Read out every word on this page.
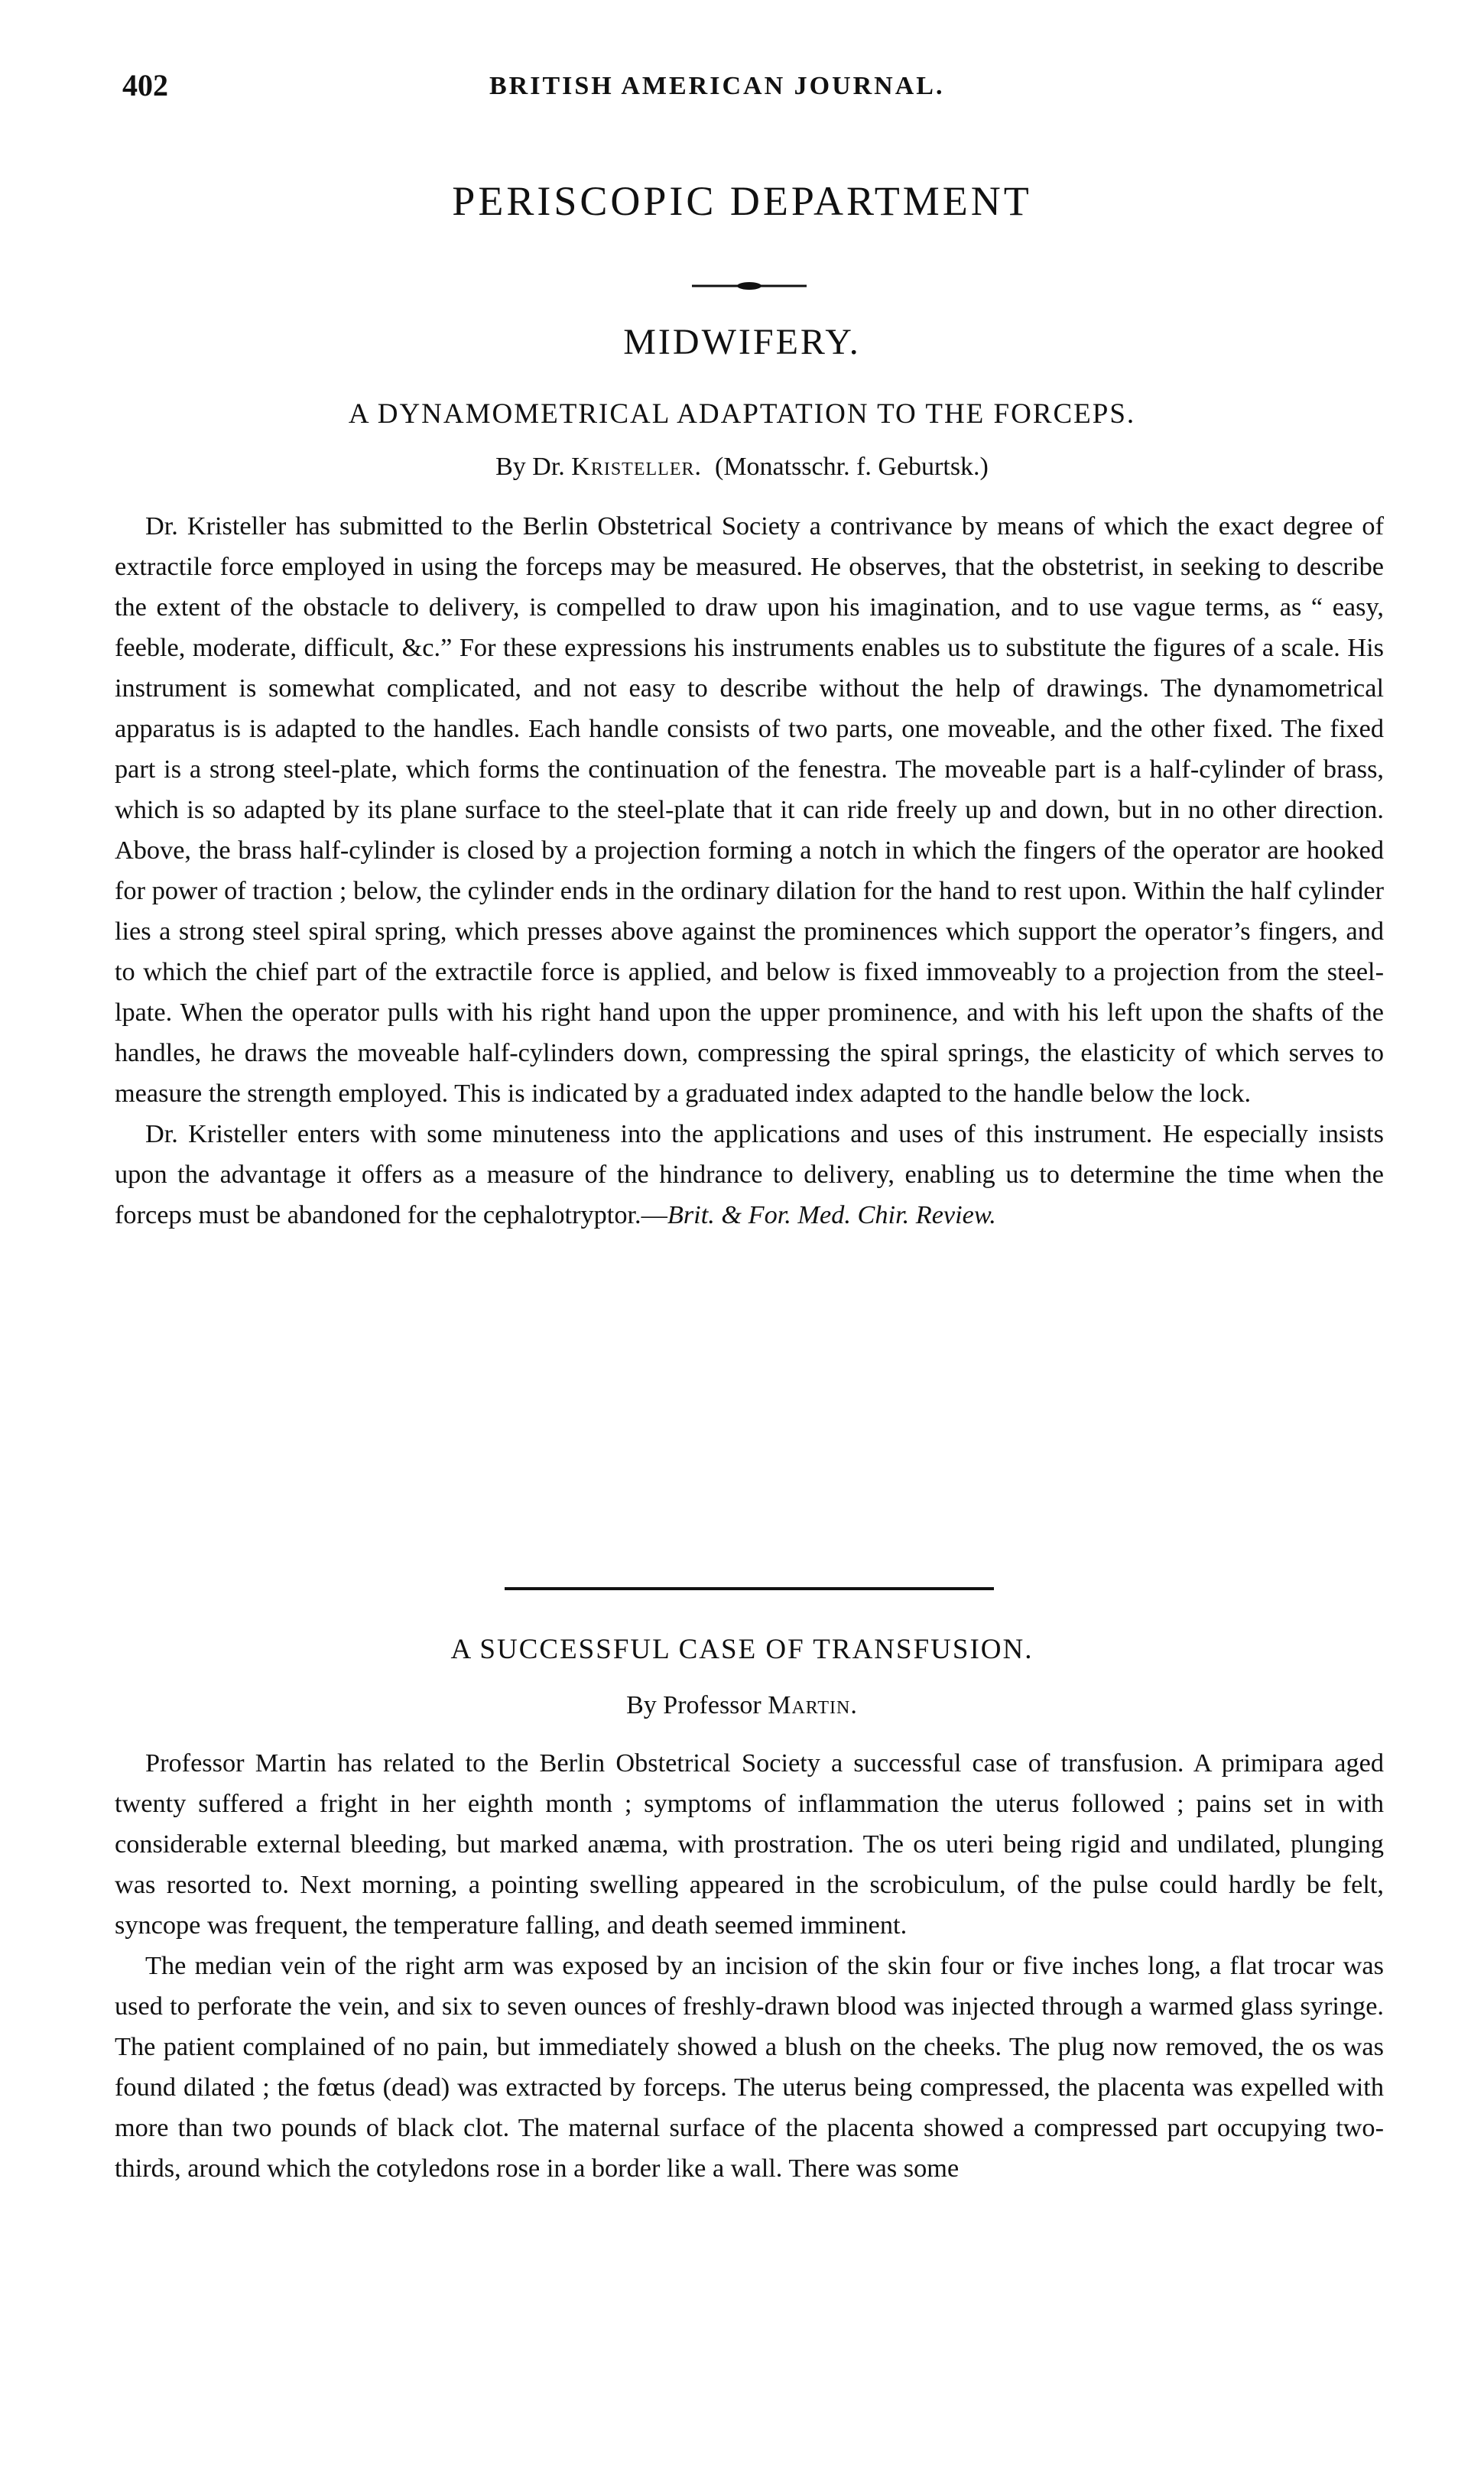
402	BRITISH AMERICAN JOURNAL.
PERISCOPIC DEPARTMENT
MIDWIFERY.
A DYNAMOMETRICAL ADAPTATION TO THE FORCEPS.
By Dr. Kristeller.  (Monatsschr. f. Geburtsk.)

Dr. Kristeller has submitted to the Berlin Obstetrical Society a contrivance by means of which the exact degree of extractile force employed in using the forceps may be measured. He observes, that the obstetrist, in seeking to describe the extent of the obstacle to delivery, is compelled to draw upon his imagination, and to use vague terms, as “ easy, feeble, moderate, difficult, &c.” For these expressions his instruments enables us to substitute the figures of a scale. His instrument is somewhat complicated, and not easy to describe without the help of drawings. The dynamometrical apparatus is is adapted to the handles. Each handle consists of two parts, one moveable, and the other fixed. The fixed part is a strong steel-plate, which forms the continuation of the fenestra. The moveable part is a half-cylinder of brass, which is so adapted by its plane surface to the steel-plate that it can ride freely up and down, but in no other direction. Above, the brass half-cylinder is closed by a projection forming a notch in which the fingers of the operator are hooked for power of traction ; below, the cylinder ends in the ordinary dilation for the hand to rest upon. Within the half cylinder lies a strong steel spiral spring, which presses above against the prominences which support the operator’s fingers, and to which the chief part of the extractile force is applied, and below is fixed immoveably to a projection from the steel-lpate. When the operator pulls with his right hand upon the upper prominence, and with his left upon the shafts of the handles, he draws the moveable half-cylinders down, compressing the spiral springs, the elasticity of which serves to measure the strength employed. This is indicated by a graduated index adapted to the handle below the lock.

Dr. Kristeller enters with some minuteness into the applications and uses of this instrument. He especially insists upon the advantage it offers as a measure of the hindrance to delivery, enabling us to determine the time when the forceps must be abandoned for the cephalotryptor.—Brit. & For. Med. Chir. Review.

A SUCCESSFUL CASE OF TRANSFUSION.
By Professor Martin.

Professor Martin has related to the Berlin Obstetrical Society a successful case of transfusion. A primipara aged twenty suffered a fright in her eighth month ; symptoms of inflammation the uterus followed ; pains set in with considerable external bleeding, but marked anæma, with prostration. The os uteri being rigid and undilated, plunging was resorted to. Next morning, a pointing swelling appeared in the scrobiculum, of the pulse could hardly be felt, syncope was frequent, the temperature falling, and death seemed imminent.

The median vein of the right arm was exposed by an incision of the skin four or five inches long, a flat trocar was used to perforate the vein, and six to seven ounces of freshly-drawn blood was injected through a warmed glass syringe. The patient complained of no pain, but immediately showed a blush on the cheeks. The plug now removed, the os was found dilated ; the fœtus (dead) was extracted by forceps. The uterus being compressed, the placenta was expelled with more than two pounds of black clot. The maternal surface of the placenta showed a compressed part occupying two-thirds, around which the cotyledons rose in a border like a wall. There was some
